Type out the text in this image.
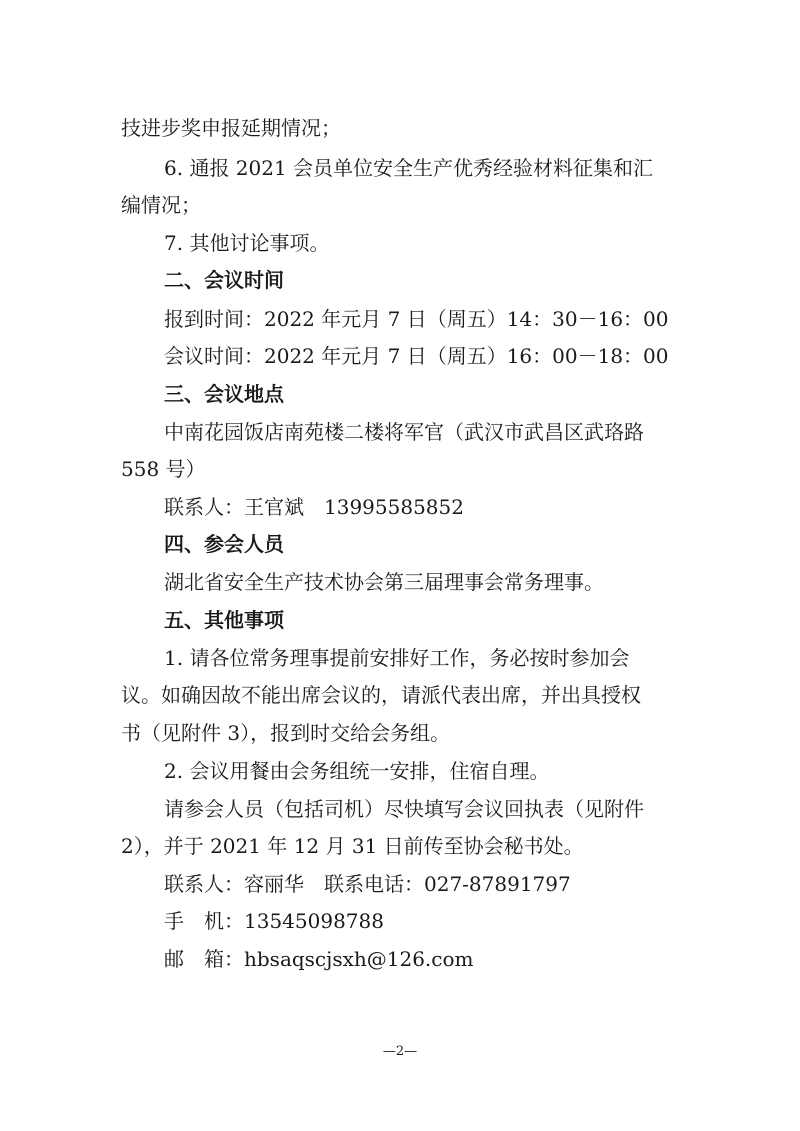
技进步奖申报延期情况；
6. 通报 2021 会员单位安全生产优秀经验材料征集和汇
编情况；
7. 其他讨论事项。
二、会议时间
报到时间：2022 年元月 7 日（周五）14：30－16：00
会议时间：2022 年元月 7 日（周五）16：00－18：00
三、会议地点
中南花园饭店南苑楼二楼将军官（武汉市武昌区武珞路
558 号）
联系人：王官斌　13995585852
四、参会人员
湖北省安全生产技术协会第三届理事会常务理事。
五、其他事项
1. 请各位常务理事提前安排好工作，务必按时参加会
议。如确因故不能出席会议的，请派代表出席，并出具授权
书（见附件 3），报到时交给会务组。
2. 会议用餐由会务组统一安排，住宿自理。
请参会人员（包括司机）尽快填写会议回执表（见附件
2），并于 2021 年 12 月 31 日前传至协会秘书处。
联系人：容丽华　联系电话：027-87891797
手　机：13545098788
邮　箱：hbsaqscjsxh@126.com
—2—
